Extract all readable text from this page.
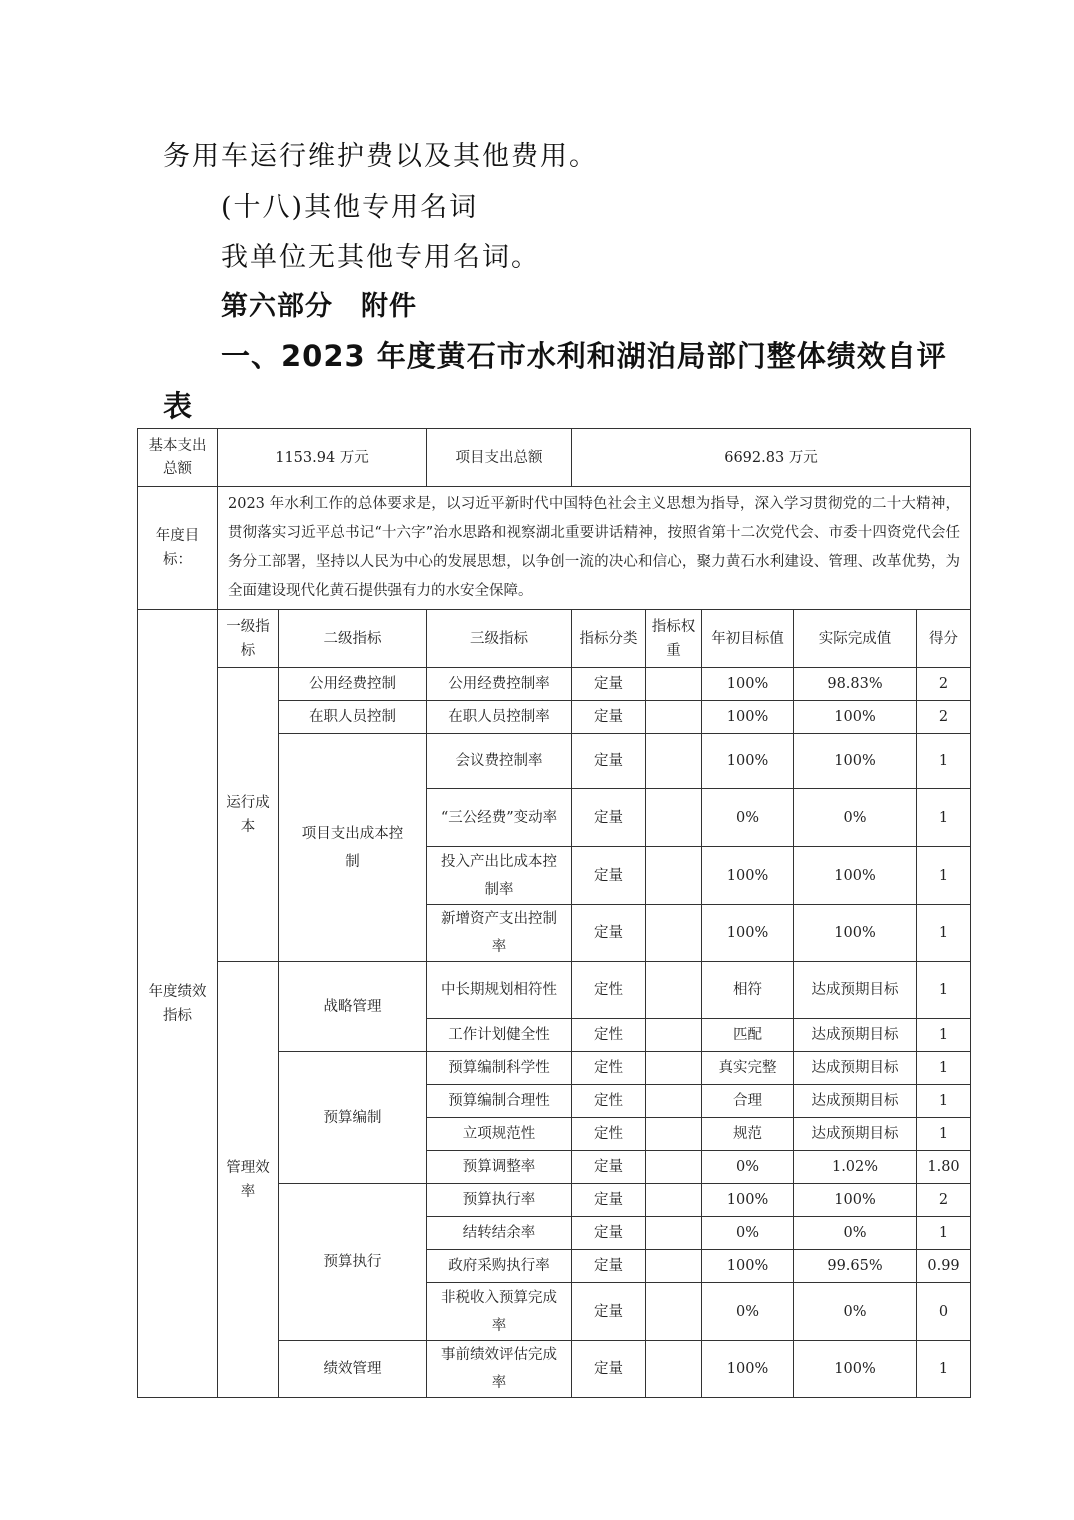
务用车运行维护费以及其他费用。
(十八)其他专用名词
我单位无其他专用名词。
第六部分　附件
一、2023 年度黄石市水利和湖泊局部门整体绩效自评
表
基本支出总额	1153.94 万元		项目支出总额	6692.83 万元				
年度目标：	2023 年水利工作的总体要求是，以习近平新时代中国特色社会主义思想为指导，深入学习贯彻党的二十大精神，贯彻落实习近平总书记“十六字”治水思路和视察湖北重要讲话精神，按照省第十二次党代会、市委十四资党代会任务分工部署，坚持以人民为中心的发展思想，以争创一流的决心和信心，聚力黄石水利建设、管理、改革优势，为全面建设现代化黄石提供强有力的水安全保障。							
年度绩效指标	一级指标	二级指标	三级指标	指标分类	指标权重	年初目标值	实际完成值	得分
	运行成本	公用经费控制	公用经费控制率	定量		100%	98.83%	2
		在职人员控制	在职人员控制率	定量		100%	100%	2
		项目支出成本控制	会议费控制率	定量		100%	100%	1
			“三公经费”变动率	定量		0%	0%	1
			投入产出比成本控制率	定量		100%	100%	1
			新增资产支出控制率	定量		100%	100%	1
	管理效率	战略管理	中长期规划相符性	定性		相符	达成预期目标	1
			工作计划健全性	定性		匹配	达成预期目标	1
		预算编制	预算编制科学性	定性		真实完整	达成预期目标	1
			预算编制合理性	定性		合理	达成预期目标	1
			立项规范性	定性		规范	达成预期目标	1
			预算调整率	定量		0%	1.02%	1.80
		预算执行	预算执行率	定量		100%	100%	2
			结转结余率	定量		0%	0%	1
			政府采购执行率	定量		100%	99.65%	0.99
			非税收入预算完成率	定量		0%	0%	0
		绩效管理	事前绩效评估完成率	定量		100%	100%	1
